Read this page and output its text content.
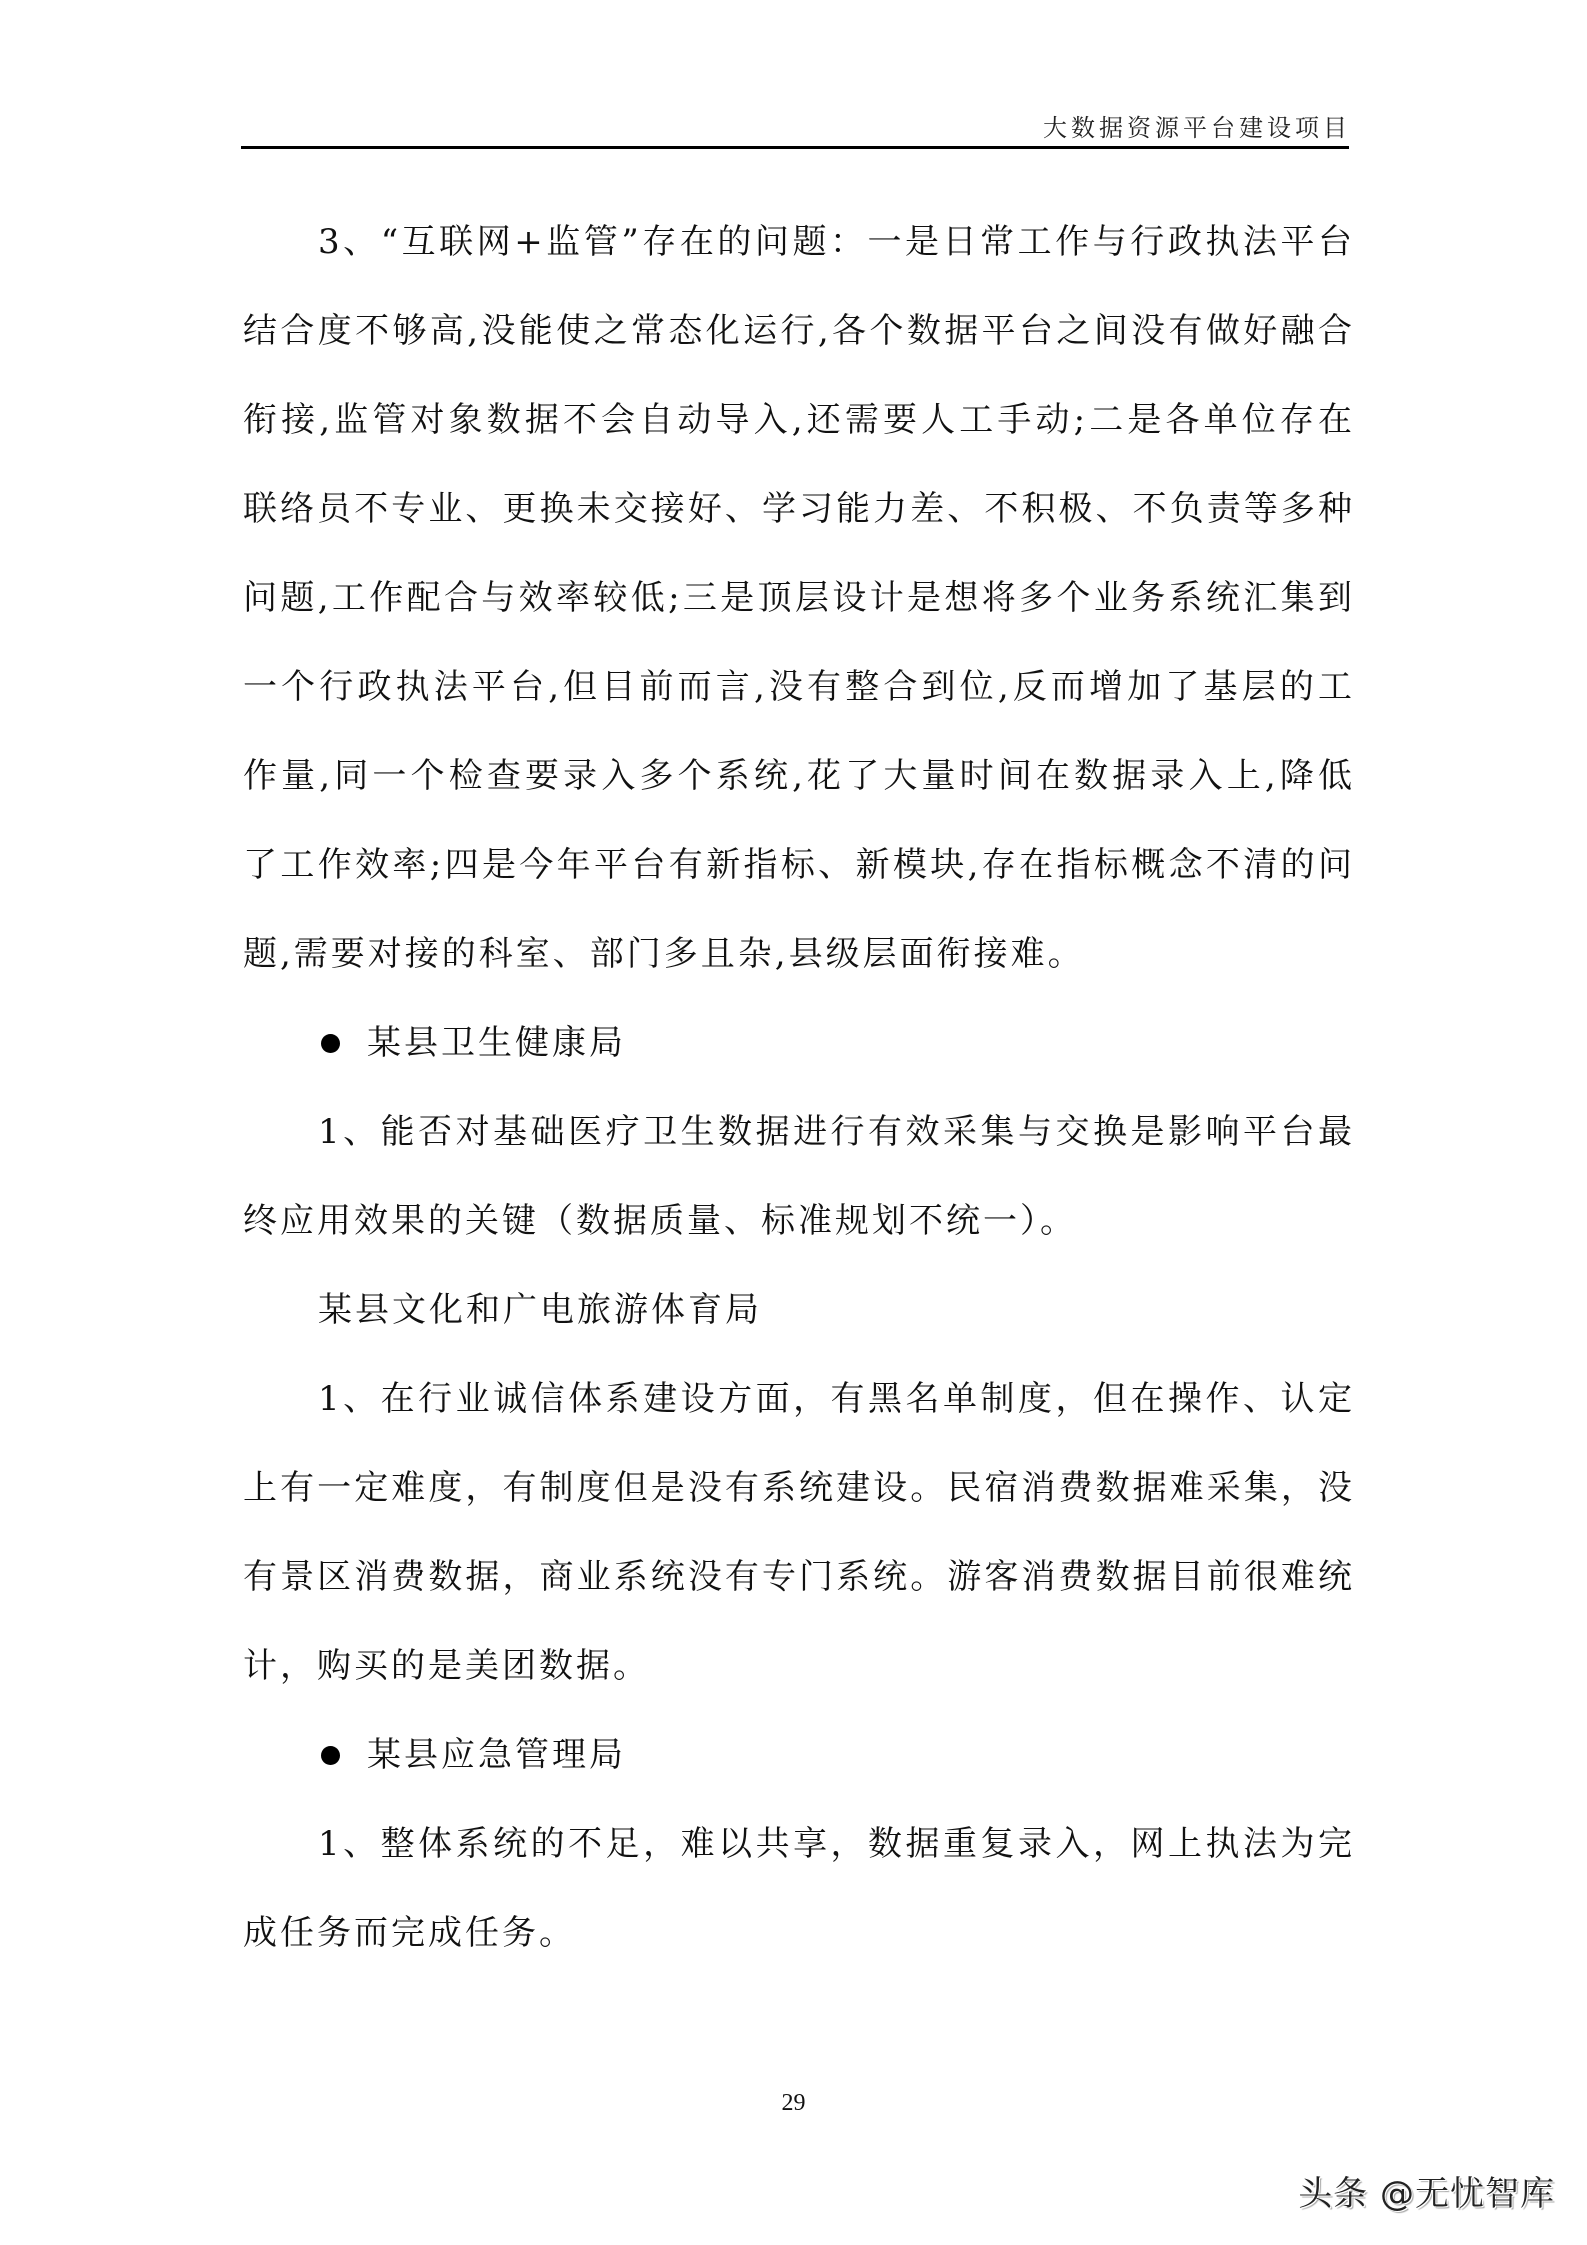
大数据资源平台建设项目

3、“互联网+监管”存在的问题：一是日常工作与行政执法平台结合度不够高,没能使之常态化运行,各个数据平台之间没有做好融合衔接,监管对象数据不会自动导入,还需要人工手动;二是各单位存在联络员不专业、更换未交接好、学习能力差、不积极、不负责等多种问题,工作配合与效率较低;三是顶层设计是想将多个业务系统汇集到一个行政执法平台,但目前而言,没有整合到位,反而增加了基层的工作量,同一个检查要录入多个系统,花了大量时间在数据录入上,降低了工作效率;四是今年平台有新指标、新模块,存在指标概念不清的问题,需要对接的科室、部门多且杂,县级层面衔接难。

某县卫生健康局

1、能否对基础医疗卫生数据进行有效采集与交换是影响平台最终应用效果的关键（数据质量、标准规划不统一）。

某县文化和广电旅游体育局

1、在行业诚信体系建设方面，有黑名单制度，但在操作、认定上有一定难度，有制度但是没有系统建设。民宿消费数据难采集，没有景区消费数据，商业系统没有专门系统。游客消费数据目前很难统计，购买的是美团数据。

某县应急管理局

1、整体系统的不足，难以共享，数据重复录入，网上执法为完成任务而完成任务。

29
头条 @无忧智库
